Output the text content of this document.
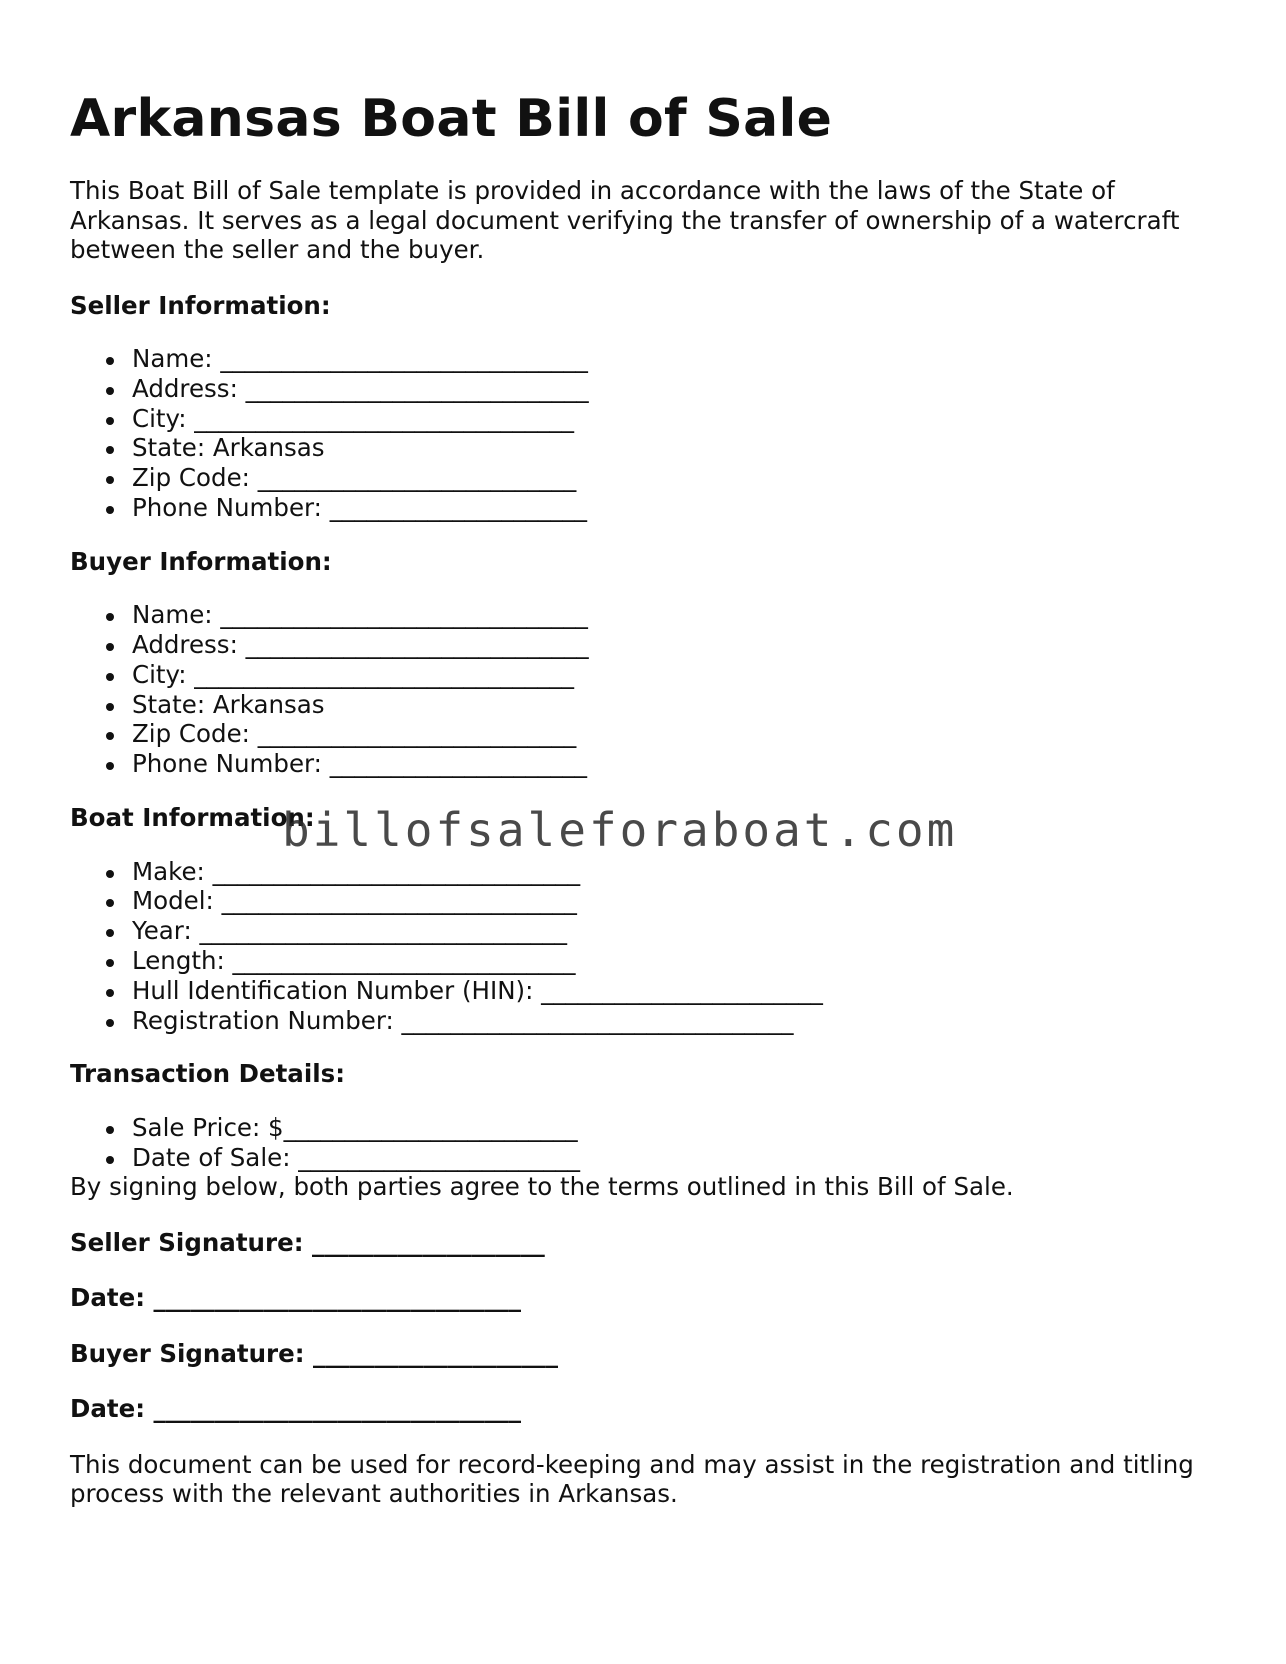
Arkansas Boat Bill of Sale

This Boat Bill of Sale template is provided in accordance with the laws of the State of Arkansas. It serves as a legal document verifying the transfer of ownership of a watercraft between the seller and the buyer.

Seller Information:

Name: ______________________________
Address: ____________________________
City: _______________________________
State: Arkansas
Zip Code: __________________________
Phone Number: _____________________

Buyer Information:

Name: ______________________________
Address: ____________________________
City: _______________________________
State: Arkansas
Zip Code: __________________________
Phone Number: _____________________

Boat Information:

Make: ______________________________
Model: _____________________________
Year: ______________________________
Length: ____________________________
Hull Identification Number (HIN): _______________________
Registration Number: ________________________________

Transaction Details:

Sale Price: $________________________
Date of Sale: _______________________

By signing below, both parties agree to the terms outlined in this Bill of Sale.

Seller Signature: ___________________

Date: ______________________________

Buyer Signature: ____________________

Date: ______________________________

This document can be used for record-keeping and may assist in the registration and titling process with the relevant authorities in Arkansas.

billofsaleforaboat.com
